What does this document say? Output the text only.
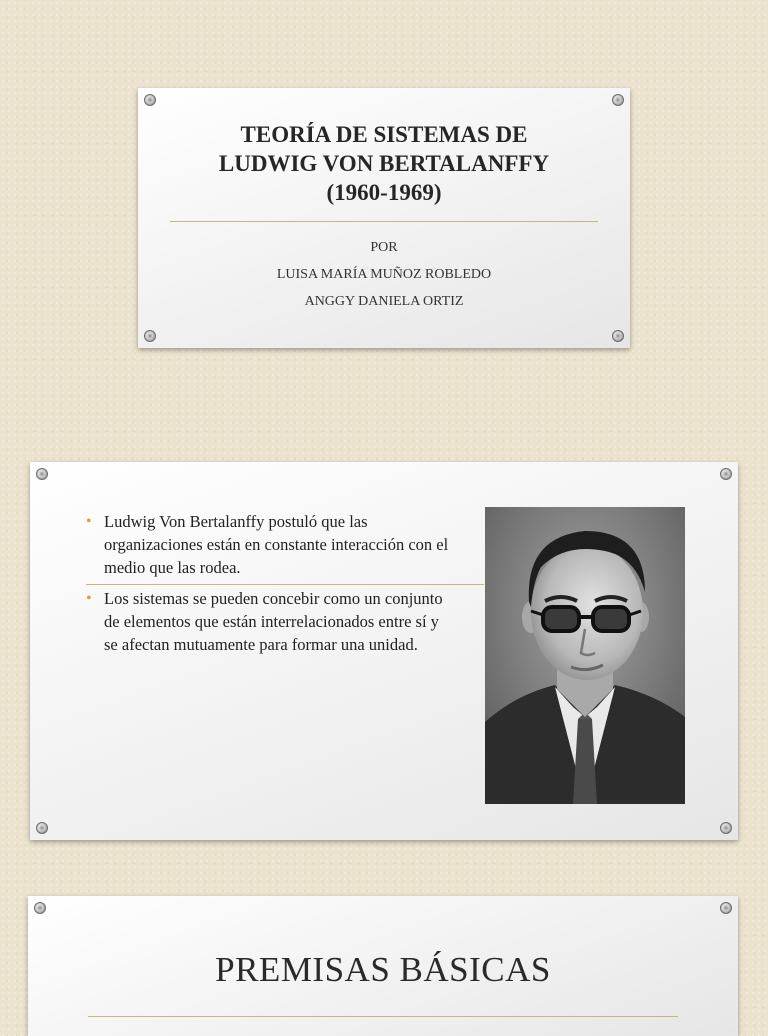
TEORÍA DE SISTEMAS DE
LUDWIG VON BERTALANFFY
(1960-1969)
POR
LUISA MARÍA MUÑOZ ROBLEDO
ANGGY DANIELA ORTIZ
• Ludwig Von Bertalanffy postuló que las organizaciones están en constante interacción con el medio que las rodea.
• Los sistemas se pueden concebir como un conjunto de elementos que están interrelacionados entre sí y se afectan mutuamente para formar una unidad.
PREMISAS BÁSICAS
